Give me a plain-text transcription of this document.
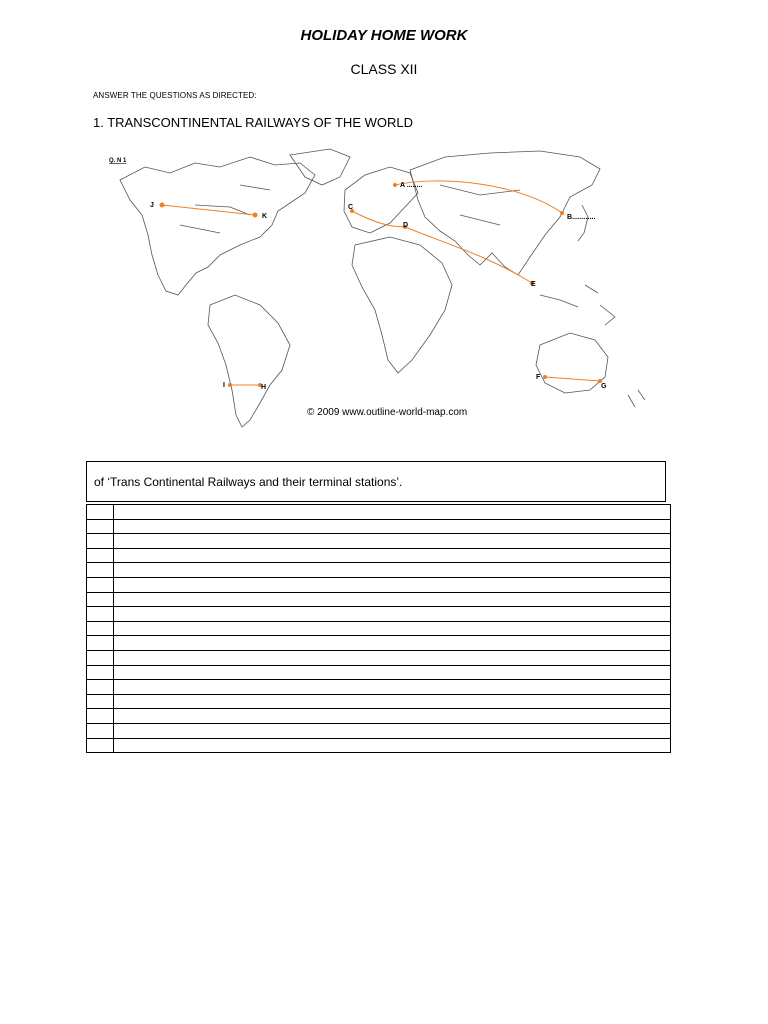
HOLIDAY HOME WORK
CLASS XII
ANSWER THE QUESTIONS AS DIRECTED:
1. TRANSCONTINENTAL RAILWAYS OF THE WORLD
Q. N 1
A ........
B............
C
D
E
F
G
H
I
J
K
© 2009 www.outline-world-map.com
of ‘Trans Continental Railways and their terminal stations’.
